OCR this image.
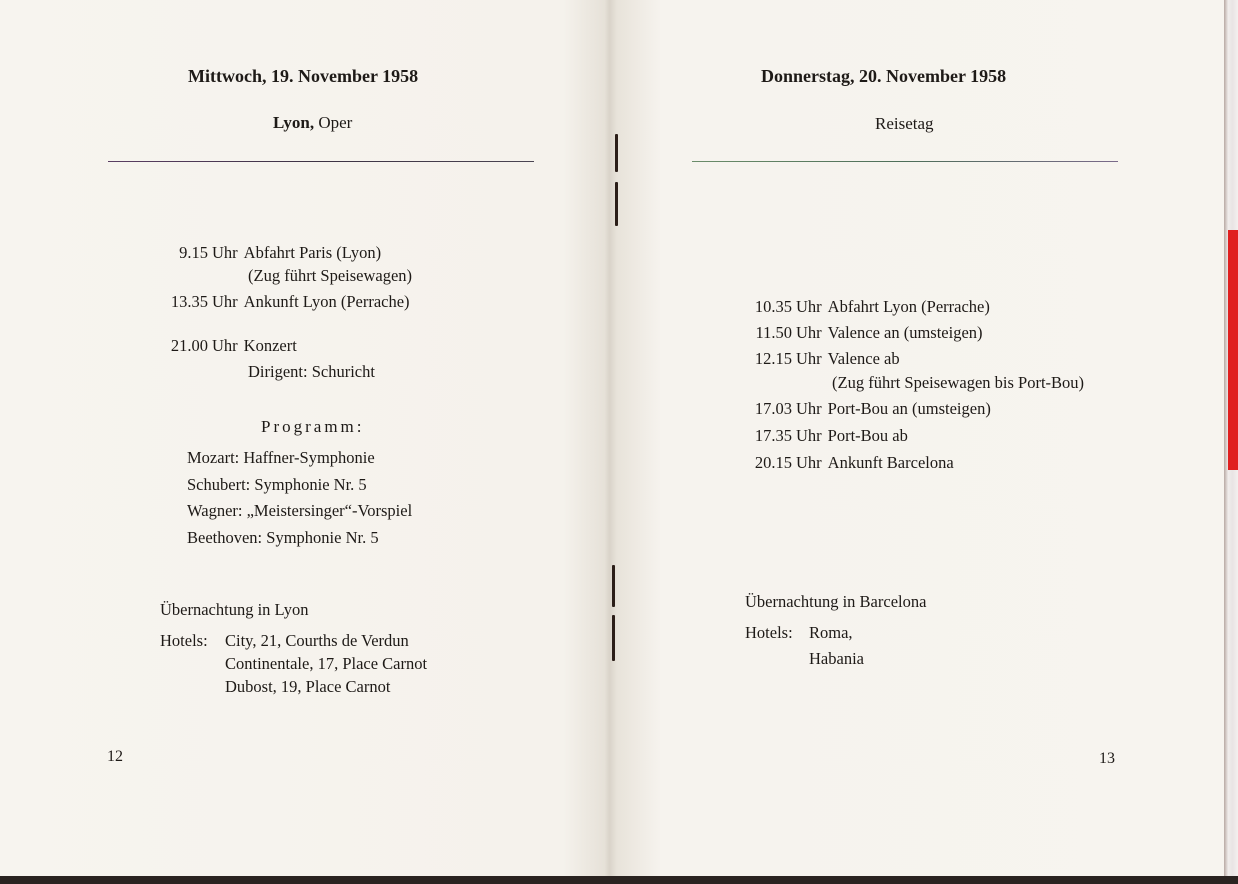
Mittwoch, 19. November 1958
Lyon, Oper
9.15 Uhr Abfahrt Paris (Lyon)
(Zug führt Speisewagen)
13.35 Uhr Ankunft Lyon (Perrache)
21.00 Uhr Konzert
Dirigent: Schuricht
Programm:
Mozart: Haffner-Symphonie
Schubert: Symphonie Nr. 5
Wagner: „Meistersinger“-Vorspiel
Beethoven: Symphonie Nr. 5
Übernachtung in Lyon
Hotels: City, 21, Courths de Verdun
Continentale, 17, Place Carnot
Dubost, 19, Place Carnot
12
Donnerstag, 20. November 1958
Reisetag
10.35 Uhr Abfahrt Lyon (Perrache)
11.50 Uhr Valence an (umsteigen)
12.15 Uhr Valence ab
(Zug führt Speisewagen bis Port-Bou)
17.03 Uhr Port-Bou an (umsteigen)
17.35 Uhr Port-Bou ab
20.15 Uhr Ankunft Barcelona
Übernachtung in Barcelona
Hotels: Roma,
Habania
13
